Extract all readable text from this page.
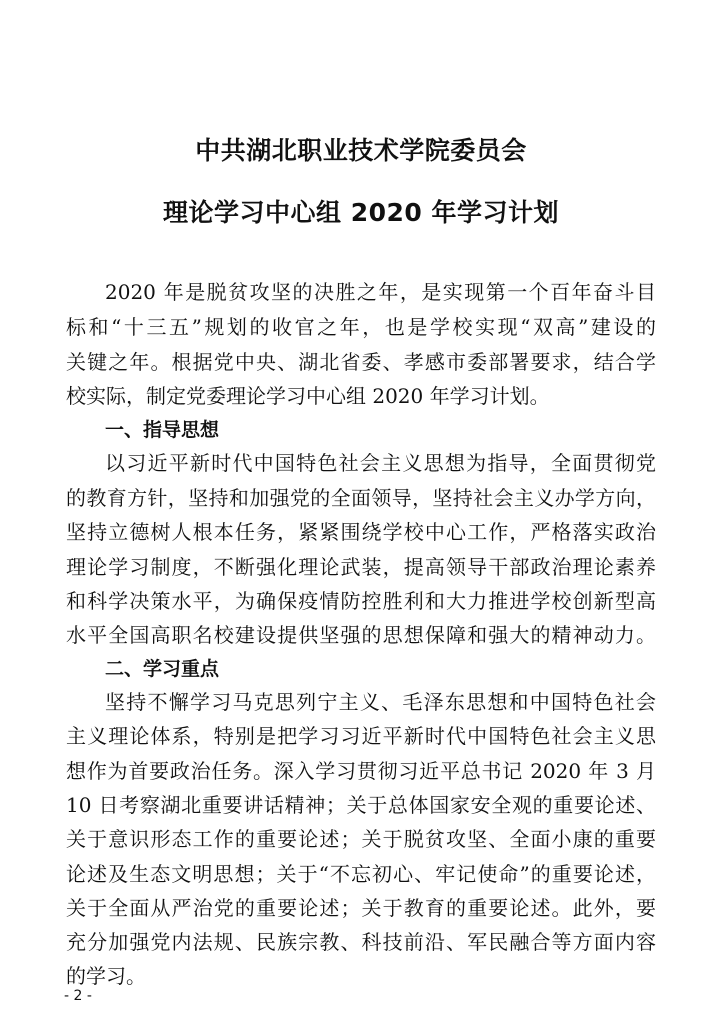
中共湖北职业技术学院委员会
理论学习中心组 2020 年学习计划

2020 年是脱贫攻坚的决胜之年，是实现第一个百年奋斗目

标和“十三五”规划的收官之年，也是学校实现“双高”建设的

关键之年。根据党中央、湖北省委、孝感市委部署要求，结合学

校实际，制定党委理论学习中心组 2020 年学习计划。

一、指导思想

以习近平新时代中国特色社会主义思想为指导，全面贯彻党

的教育方针，坚持和加强党的全面领导，坚持社会主义办学方向，

坚持立德树人根本任务，紧紧围绕学校中心工作，严格落实政治

理论学习制度，不断强化理论武装，提高领导干部政治理论素养

和科学决策水平，为确保疫情防控胜利和大力推进学校创新型高

水平全国高职名校建设提供坚强的思想保障和强大的精神动力。

二、学习重点

坚持不懈学习马克思列宁主义、毛泽东思想和中国特色社会

主义理论体系，特别是把学习习近平新时代中国特色社会主义思

想作为首要政治任务。深入学习贯彻习近平总书记 2020 年 3 月

10 日考察湖北重要讲话精神；关于总体国家安全观的重要论述、

关于意识形态工作的重要论述；关于脱贫攻坚、全面小康的重要

论述及生态文明思想；关于“不忘初心、牢记使命”的重要论述，

关于全面从严治党的重要论述；关于教育的重要论述。此外，要

充分加强党内法规、民族宗教、科技前沿、军民融合等方面内容

的学习。

- 2 -
